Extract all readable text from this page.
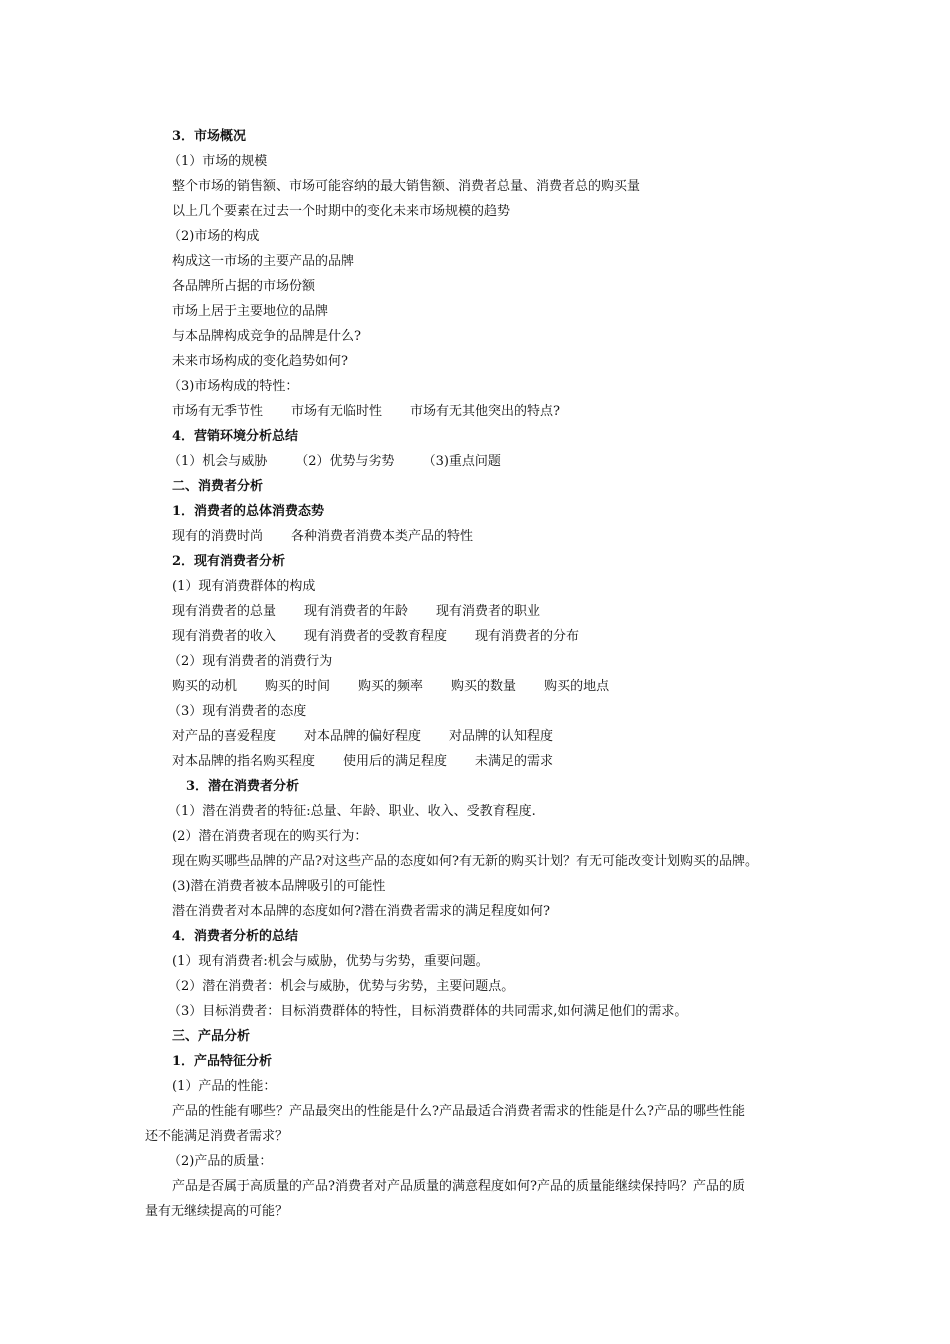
3．市场概况
（1）市场的规模
整个市场的销售额、市场可能容纳的最大销售额、消费者总量、消费者总的购买量
以上几个要素在过去一个时期中的变化未来市场规模的趋势
（2)市场的构成
构成这一市场的主要产品的品牌
各品牌所占据的市场份额
市场上居于主要地位的品牌
与本品牌构成竞争的品牌是什么?
未来市场构成的变化趋势如何?
（3)市场构成的特性：
市场有无季节性 市场有无临时性 市场有无其他突出的特点?
4．营销环境分析总结
（1）机会与威胁 （2）优势与劣势 （3)重点问题
二、消费者分析
1．消费者的总体消费态势
现有的消费时尚 各种消费者消费本类产品的特性
2．现有消费者分析
(1）现有消费群体的构成
现有消费者的总量 现有消费者的年龄 现有消费者的职业
现有消费者的收入 现有消费者的受教育程度 现有消费者的分布
（2）现有消费者的消费行为
购买的动机 购买的时间 购买的频率 购买的数量 购买的地点
（3）现有消费者的态度
对产品的喜爱程度 对本品牌的偏好程度 对品牌的认知程度
对本品牌的指名购买程度 使用后的满足程度 未满足的需求
3．潜在消费者分析
（1）潜在消费者的特征:总量、年龄、职业、收入、受教育程度.
(2）潜在消费者现在的购买行为：
现在购买哪些品牌的产品?对这些产品的态度如何?有无新的购买计划？有无可能改变计划购买的品牌。
(3)潜在消费者被本品牌吸引的可能性
潜在消费者对本品牌的态度如何?潜在消费者需求的满足程度如何?
4．消费者分析的总结
(1）现有消费者:机会与威胁，优势与劣势，重要问题。
（2）潜在消费者：机会与威胁，优势与劣势，主要问题点。
（3）目标消费者：目标消费群体的特性，目标消费群体的共同需求,如何满足他们的需求。
三、产品分析
1．产品特征分析
(1）产品的性能：
产品的性能有哪些？产品最突出的性能是什么?产品最适合消费者需求的性能是什么?产品的哪些性能
还不能满足消费者需求？
（2)产品的质量：
产品是否属于高质量的产品?消费者对产品质量的满意程度如何?产品的质量能继续保持吗？产品的质
量有无继续提高的可能？
